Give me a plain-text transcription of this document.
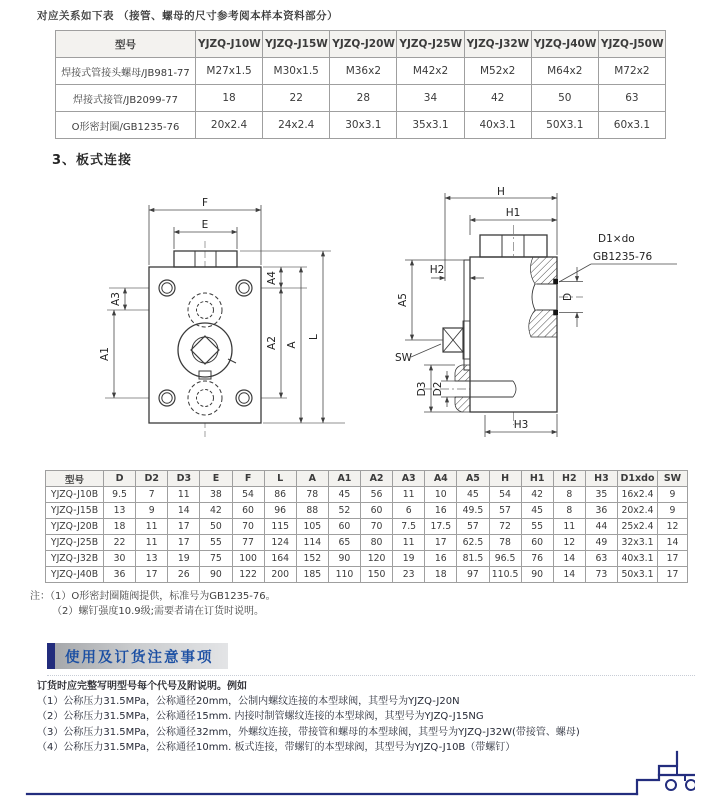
对应关系如下表 （接管、螺母的尺寸参考阅本样本资料部分）
型号	YJZQ-J10W	YJZQ-J15W	YJZQ-J20W	YJZQ-J25W	YJZQ-J32W	YJZQ-J40W	YJZQ-J50W
焊接式管接头螺母/JB981-77	M27x1.5	M30x1.5	M36x2	M42x2	M52x2	M64x2	M72x2
焊接式接管/JB2099-77	18	22	28	34	42	50	63
O形密封圈/GB1235-76	20x2.4	24x2.4	30x3.1	35x3.1	40x3.1	50X3.1	60x3.1
3、板式连接
F
E
A3
A1
A4
A2 A
L
H
H1
H2
A5
SW
D3 D2
D
H3
D1×do
GB1235-76
型号	D	D2	D3	E	F	L	A	A1	A2	A3	A4	A5	H	H1	H2	H3	D1xdo	SW
YJZQ-J10B	9.5	7	11	38	54	86	78	45	56	11	10	45	54	42	8	35	16x2.4	9
YJZQ-J15B	13	9	14	42	60	96	88	52	60	6	16	49.5	57	45	8	36	20x2.4	9
YJZQ-J20B	18	11	17	50	70	115	105	60	70	7.5	17.5	57	72	55	11	44	25x2.4	12
YJZQ-J25B	22	11	17	55	77	124	114	65	80	11	17	62.5	78	60	12	49	32x3.1	14
YJZQ-J32B	30	13	19	75	100	164	152	90	120	19	16	81.5	96.5	76	14	63	40x3.1	17
YJZQ-J40B	36	17	26	90	122	200	185	110	150	23	18	97	110.5	90	14	73	50x3.1	17
注：（1）O形密封圈随阀提供，标准号为GB1235-76。
（2）螺钉强度10.9级;需要者请在订货时说明。
使用及订货注意事项
订货时应完整写明型号每个代号及附说明。例如
（1）公称压力31.5MPa，公称通径20mm，公制内螺纹连接的本型球阀，其型号为YJZQ-J20N
（2）公称压力31.5MPa，公称通径15mm. 内接吋制管螺纹连接的本型球阀，其型号为YJZQ-J15NG
（3）公称压力31.5MPa，公称通径32mm，外螺纹连接，带接管和螺母的本型球阀，其型号为YJZQ-J32W(带接管、螺母)
（4）公称压力31.5MPa，公称通径10mm. 板式连接，带螺钉的本型球阀，其型号为YJZQ-J10B（带螺钉）
